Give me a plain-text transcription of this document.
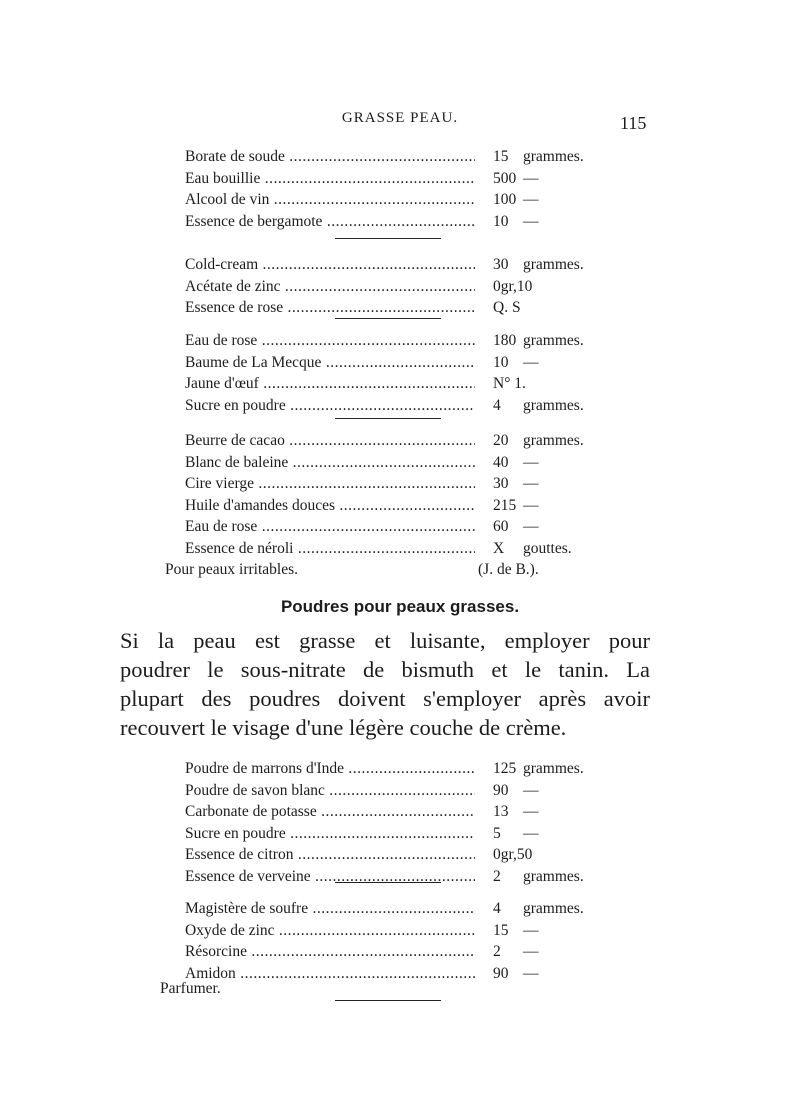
GRASSE PEAU.	115
Borate de soude .....	15 grammes.
Eau bouillie .....	500 —
Alcool de vin .....	100 —
Essence de bergamote .....	10 —
Cold-cream .....	30 grammes.
Acétate de zinc .....	0gr,10
Essence de rose .....	Q. S
Eau de rose .....	180 grammes.
Baume de La Mecque .....	10 —
Jaune d'œuf .....	N° 1.
Sucre en poudre .....	4 grammes.
Beurre de cacao .....	20 grammes.
Blanc de baleine .....	40 —
Cire vierge .....	30 —
Huile d'amandes douces .....	215 —
Eau de rose .....	60 —
Essence de néroli .....	X gouttes.
Poudre de marrons d'Inde .....	125 grammes.
Poudre de savon blanc .....	90 —
Carbonate de potasse .....	13 —
Sucre en poudre .....	5 —
Essence de citron .....	0gr,50
Essence de verveine .....	2 grammes.
Magistère de soufre .....	4 grammes.
Oxyde de zinc .....	15 —
Résorcine .....	2 —
Amidon .....	90 —
Pour peaux irritables.	(J. de B.).
Poudres pour peaux grasses.
Si la peau est grasse et luisante, employer pour
poudrer le sous-nitrate de bismuth et le tanin. La
plupart des poudres doivent s'employer après avoir
recouvert le visage d'une légère couche de crème.
Parfumer.
